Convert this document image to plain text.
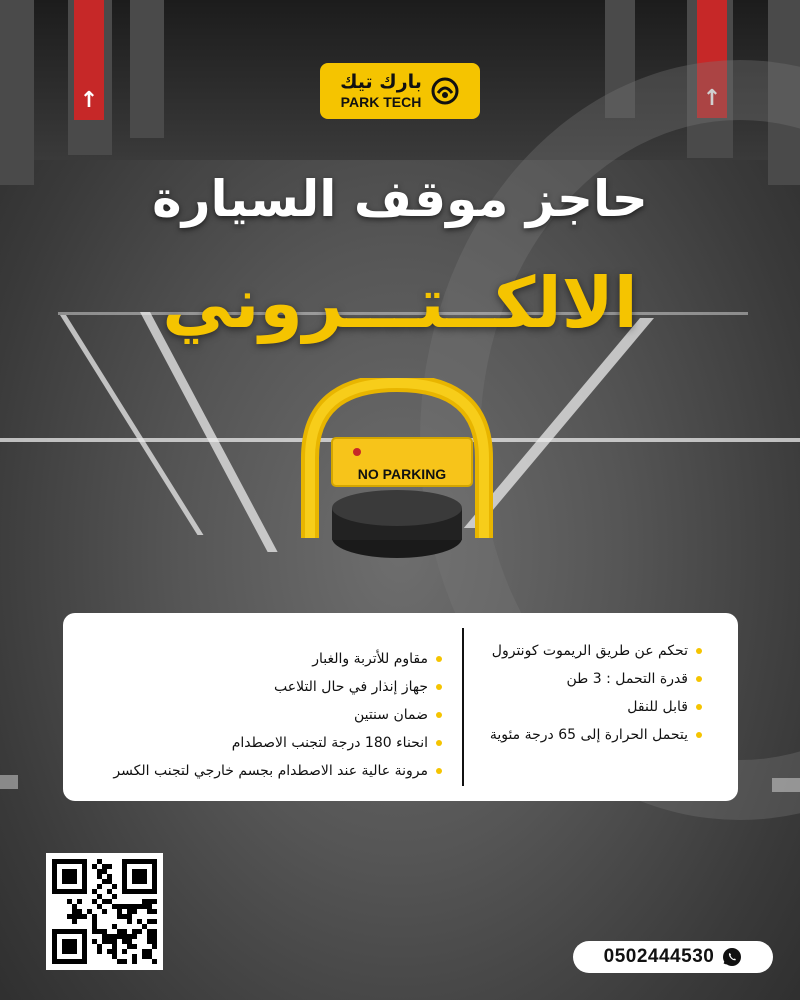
↑	↑
بارك تيك
PARK TECH
حاجز موقف السيارة
الالكــتـــروني
NO PARKING
تحكم عن طريق الريموت كونترول
قدرة التحمل : 3 طن
قابل للنقل
يتحمل الحرارة إلى 65 درجة مئوية
مقاوم للأتربة والغبار
جهاز إنذار في حال التلاعب
ضمان سنتين
انحناء 180 درجة لتجنب الاصطدام
مرونة عالية عند الاصطدام بجسم خارجي لتجنب الكسر
0502444530
